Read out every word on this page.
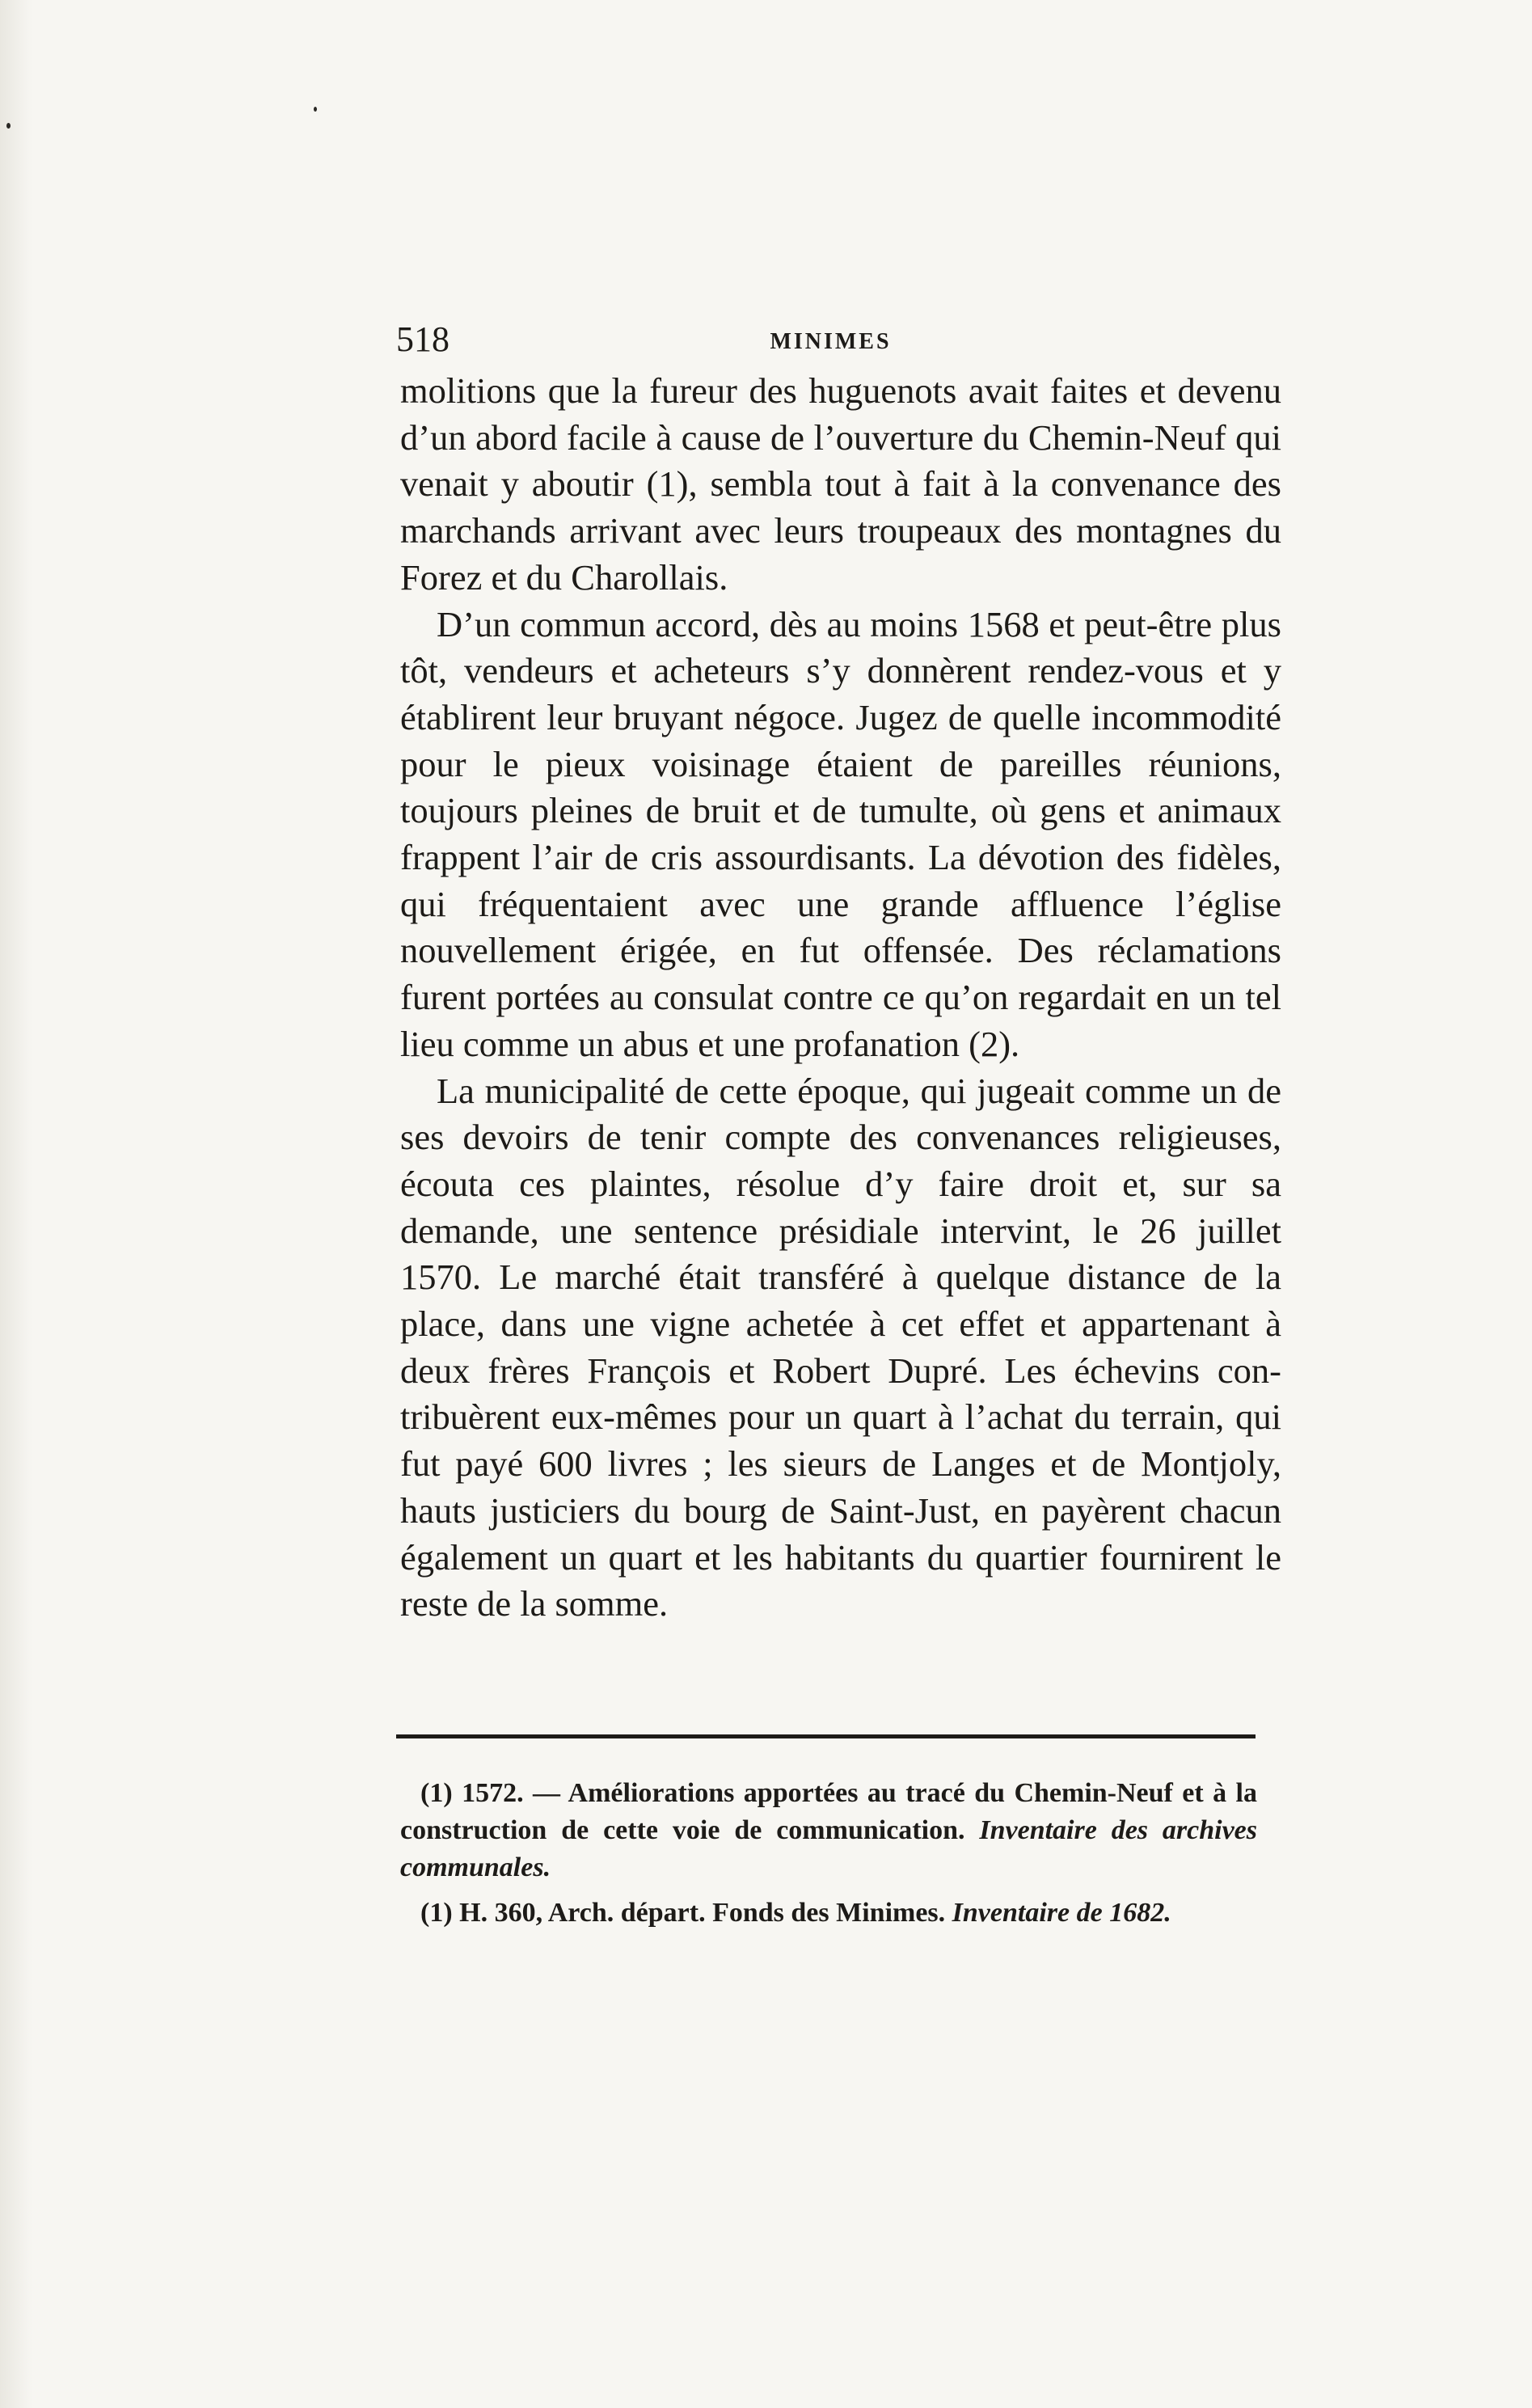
518	MINIMES

molitions que la fureur des huguenots avait faites et devenu d’un abord facile à cause de l’ouverture du Chemin-Neuf qui venait y aboutir (1), sembla tout à fait à la convenance des marchands arrivant avec leurs troupeaux des montagnes du Forez et du Charollais.

D’un commun accord, dès au moins 1568 et peut-être plus tôt, vendeurs et acheteurs s’y donnèrent rendez-vous et y établirent leur bruyant négoce. Jugez de quelle incommodité pour le pieux voisinage étaient de pareilles réunions, toujours pleines de bruit et de tumulte, où gens et animaux frappent l’air de cris assourdisants. La dévotion des fidèles, qui fréquentaient avec une grande affluence l’église nouvellement érigée, en fut offensée. Des réclamations furent portées au consulat contre ce qu’on regardait en un tel lieu comme un abus et une profanation (2).

La municipalité de cette époque, qui jugeait comme un de ses devoirs de tenir compte des convenances religieuses, écouta ces plaintes, résolue d’y faire droit et, sur sa demande, une sentence présidiale intervint, le 26 juillet 1570. Le marché était transféré à quelque distance de la place, dans une vigne achetée à cet effet et appartenant à deux frères François et Robert Dupré. Les échevins contribuèrent eux-mêmes pour un quart à l’achat du terrain, qui fut payé 600 livres ; les sieurs de Langes et de Montjoly, hauts justiciers du bourg de Saint-Just, en payèrent chacun également un quart et les habitants du quartier fournirent le reste de la somme.

(1) 1572. — Améliorations apportées au tracé du Chemin-Neuf et à la construction de cette voie de communication. Inventaire des archives communales.

(1) H. 360, Arch. départ. Fonds des Minimes. Inventaire de 1682.
